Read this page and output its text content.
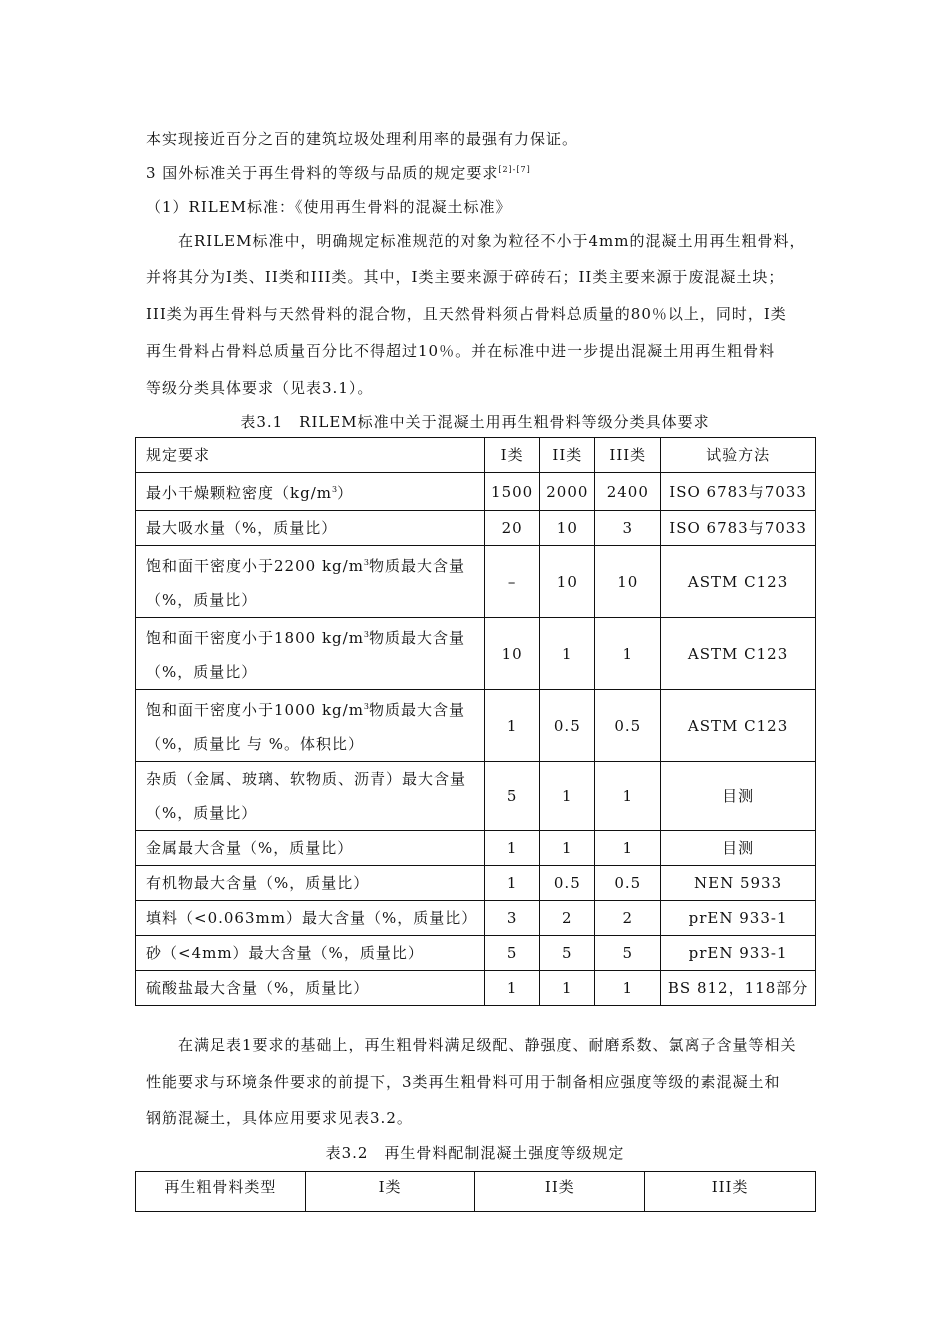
本实现接近百分之百的建筑垃圾处理利用率的最强有力保证。
3 国外标准关于再生骨料的等级与品质的规定要求[2]-[7]
（1）RILEM标准：《使用再生骨料的混凝土标准》
在RILEM标准中，明确规定标准规范的对象为粒径不小于4mm的混凝土用再生粗骨料，
并将其分为I类、II类和III类。其中，I类主要来源于碎砖石；II类主要来源于废混凝土块；
III类为再生骨料与天然骨料的混合物，且天然骨料须占骨料总质量的80％以上，同时，I类
再生骨料占骨料总质量百分比不得超过10％。并在标准中进一步提出混凝土用再生粗骨料
等级分类具体要求（见表3.1）。
表3.1　RILEM标准中关于混凝土用再生粗骨料等级分类具体要求
规定要求	I类	II类	III类	试验方法

最小干燥颗粒密度$(kg/m^3)$	1500	2000	2400	ISO 6783与7033

最大吸水量（%，质量比）	20	10	3	ISO 6783与7033

饱和面干密度小于2200 $kg/m^3$物质最大含量
（%，质量比）	–	10	10	ASTM C123

饱和面干密度小于1800 $kg/m^3$物质最大含量
（%，质量比）	10	1	1	ASTM C123

饱和面干密度小于1000 $kg/m^3$物质最大含量
（%，质量比 与 %。体积比）	1	0.5	0.5	ASTM C123

杂质（金属、玻璃、软物质、沥青）最大含量
（%，质量比）	5	1	1	目测

金属最大含量（%，质量比）	1	1	1	目测

有机物最大含量（%，质量比）	1	0.5	0.5	NEN 5933

填料（<0.063mm）最大含量（%，质量比）	3	2	2	prEN 933-1

砂（<4mm）最大含量（%，质量比）	5	5	5	prEN 933-1

硫酸盐最大含量（%，质量比）	1	1	1	BS 812，118部分
在满足表1要求的基础上，再生粗骨料满足级配、静强度、耐磨系数、氯离子含量等相关
性能要求与环境条件要求的前提下，3类再生粗骨料可用于制备相应强度等级的素混凝土和
钢筋混凝土，具体应用要求见表3.2。
表3.2　再生骨料配制混凝土强度等级规定
再生粗骨料类型	I类	II类	III类
